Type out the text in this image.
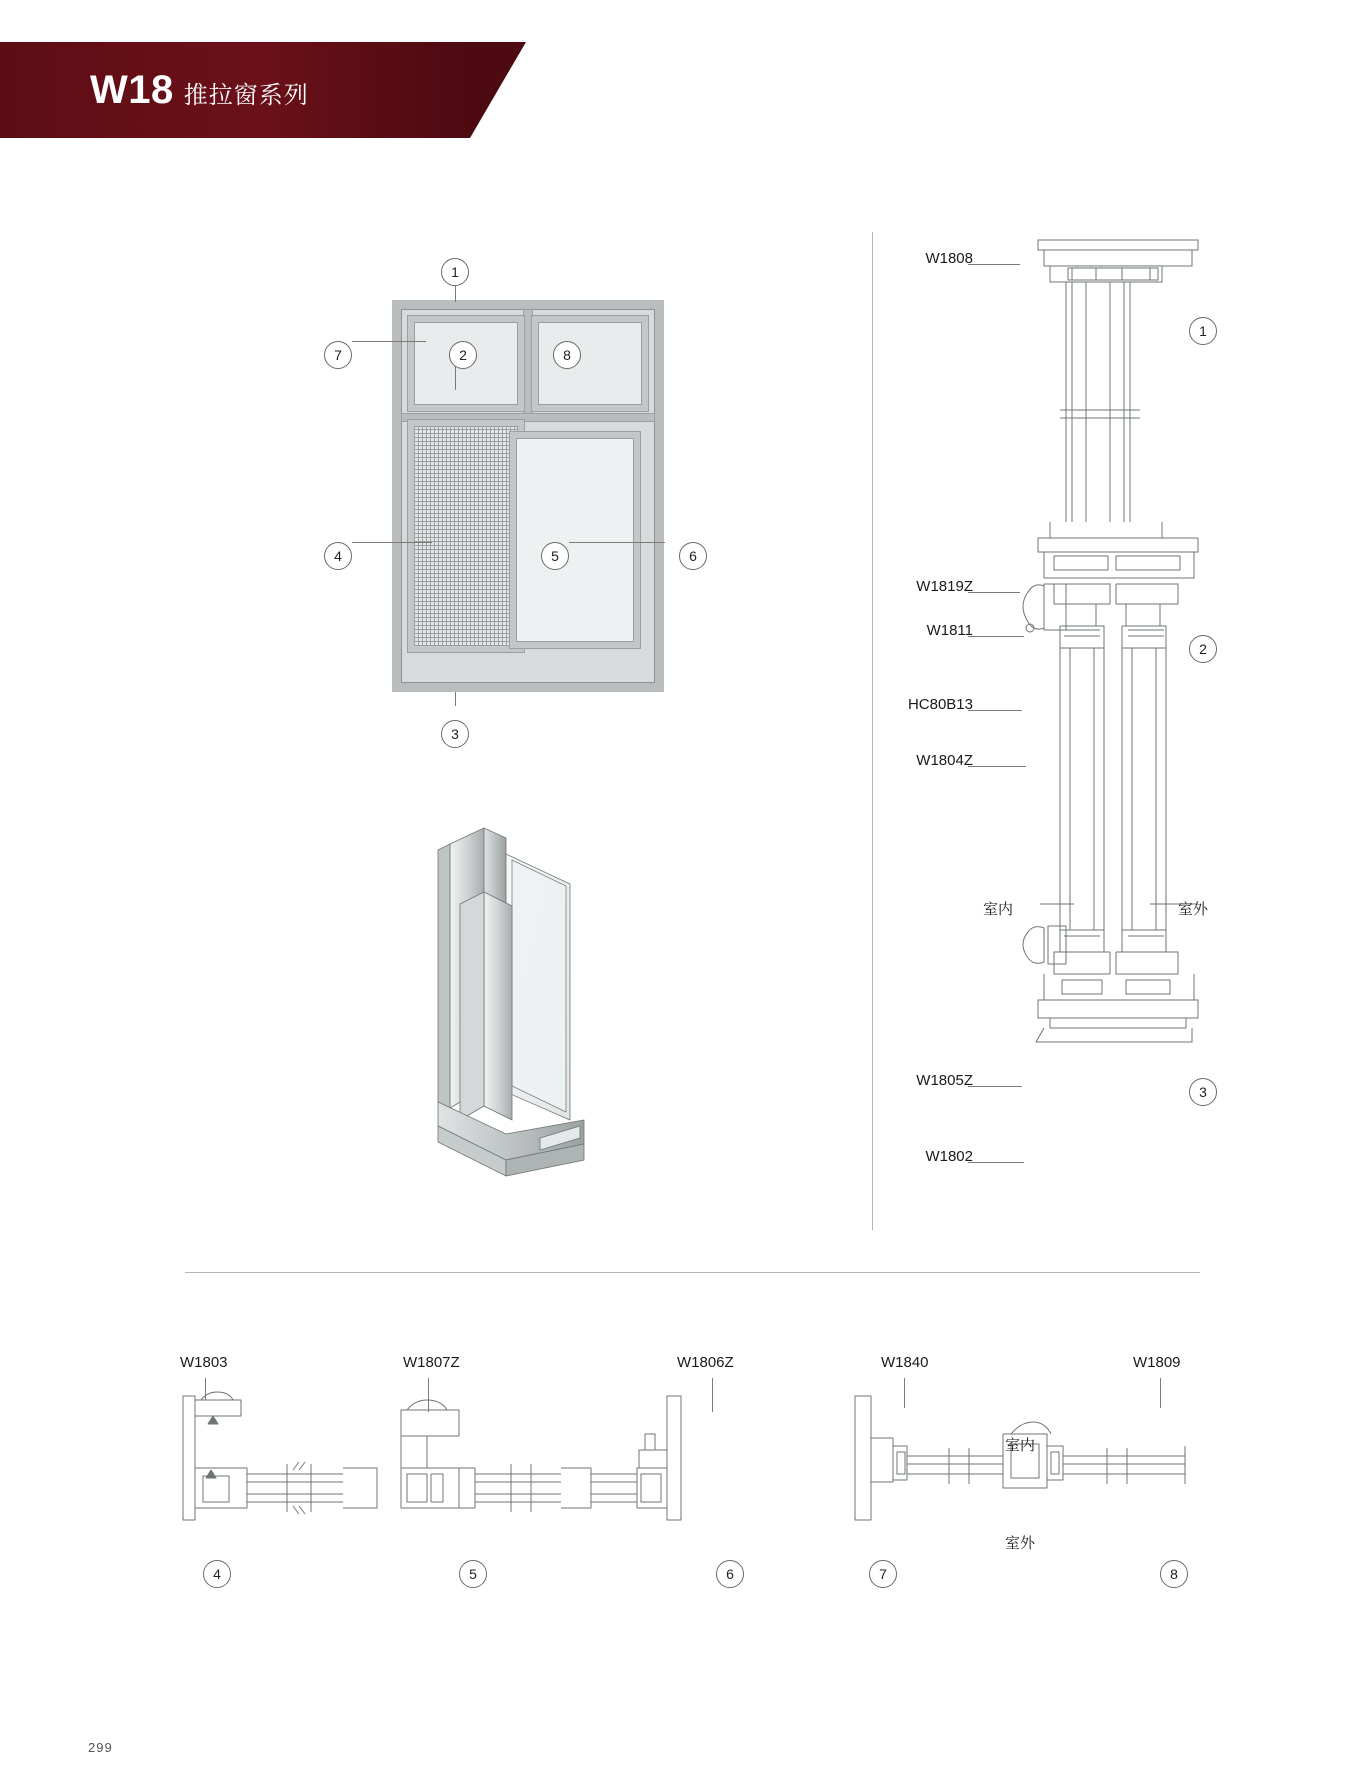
W18 推拉窗系列
1
7	2	8
4	5	6
3
W1808
W1819Z
W1811
HC80B13
W1804Z
室内	室外
W1805Z
W1802
1
2
3
W1803	W1807Z	W1806Z
4	5	6
W1840	W1809
室内
室外
7	8
299
